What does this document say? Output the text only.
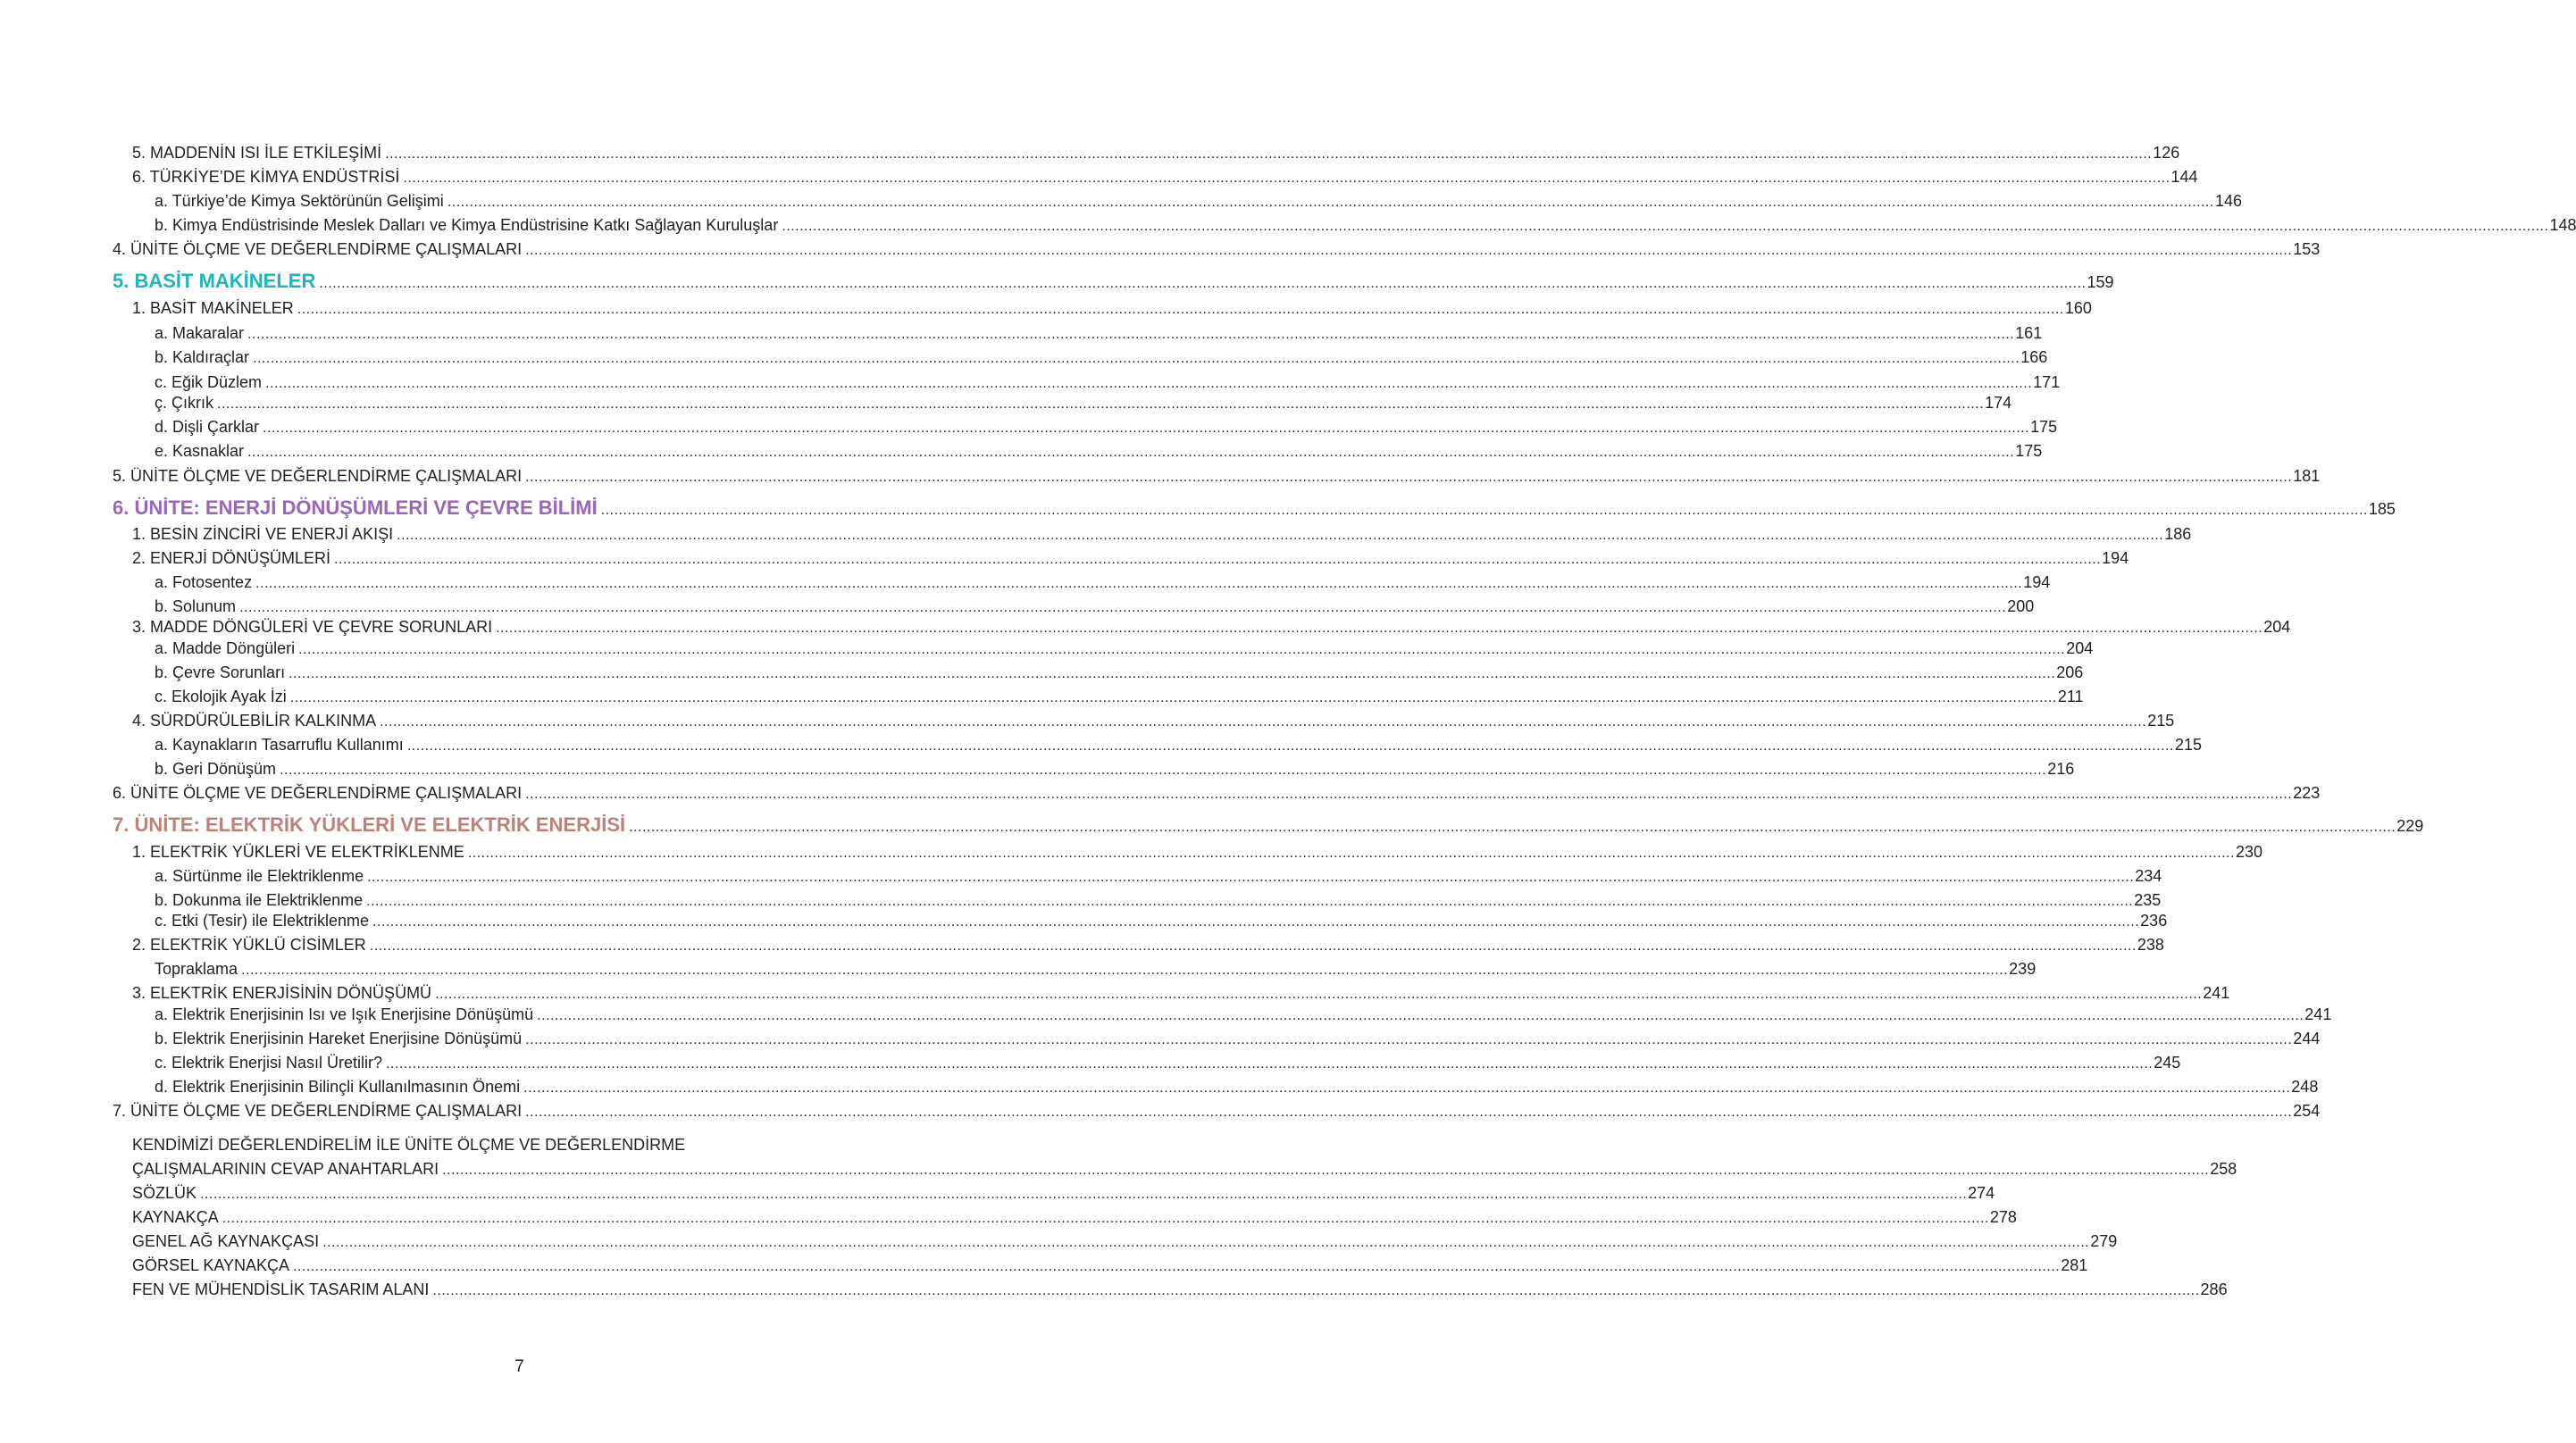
5. MADDENİN ISI İLE ETKİLEŞİMİ ................................................................................................................................................................................................................................................................................................................................................................................................................ 126
6. TÜRKİYE’DE KİMYA ENDÜSTRİSİ ................................................................................................................................................................................................................................................................................................................................................................................................................ 144
a. Türkiye’de Kimya Sektörünün Gelişimi ................................................................................................................................................................................................................................................................................................................................................................................................................ 146
b. Kimya Endüstrisinde Meslek Dalları ve Kimya Endüstrisine Katkı Sağlayan Kuruluşlar ................................................................................................................................................................................................................................................................................................................................................................................................................ 148
4. ÜNİTE ÖLÇME VE DEĞERLENDİRME ÇALIŞMALARI ................................................................................................................................................................................................................................................................................................................................................................................................................ 153
5. BASİT MAKİNELER ................................................................................................................................................................................................................................................................................................................................................................................................................ 159
1. BASİT MAKİNELER ................................................................................................................................................................................................................................................................................................................................................................................................................ 160
a. Makaralar ................................................................................................................................................................................................................................................................................................................................................................................................................ 161
b. Kaldıraçlar ................................................................................................................................................................................................................................................................................................................................................................................................................ 166
c. Eğik Düzlem ................................................................................................................................................................................................................................................................................................................................................................................................................ 171
ç. Çıkrık ................................................................................................................................................................................................................................................................................................................................................................................................................ 174
d. Dişli Çarklar ................................................................................................................................................................................................................................................................................................................................................................................................................ 175
e. Kasnaklar ................................................................................................................................................................................................................................................................................................................................................................................................................ 175
5. ÜNİTE ÖLÇME VE DEĞERLENDİRME ÇALIŞMALARI ................................................................................................................................................................................................................................................................................................................................................................................................................ 181
6. ÜNİTE: ENERJİ DÖNÜŞÜMLERİ VE ÇEVRE BİLİMİ ................................................................................................................................................................................................................................................................................................................................................................................................................ 185
1. BESİN ZİNCİRİ VE ENERJİ AKIŞI ................................................................................................................................................................................................................................................................................................................................................................................................................ 186
2. ENERJİ DÖNÜŞÜMLERİ ................................................................................................................................................................................................................................................................................................................................................................................................................ 194
a. Fotosentez ................................................................................................................................................................................................................................................................................................................................................................................................................ 194
b. Solunum ................................................................................................................................................................................................................................................................................................................................................................................................................ 200
3. MADDE DÖNGÜLERİ VE ÇEVRE SORUNLARI ................................................................................................................................................................................................................................................................................................................................................................................................................ 204
a. Madde Döngüleri ................................................................................................................................................................................................................................................................................................................................................................................................................ 204
b. Çevre Sorunları ................................................................................................................................................................................................................................................................................................................................................................................................................ 206
c. Ekolojik Ayak İzi ................................................................................................................................................................................................................................................................................................................................................................................................................ 211
4. SÜRDÜRÜLEBİLİR KALKINMA ................................................................................................................................................................................................................................................................................................................................................................................................................ 215
a. Kaynakların Tasarruflu Kullanımı ................................................................................................................................................................................................................................................................................................................................................................................................................ 215
b. Geri Dönüşüm ................................................................................................................................................................................................................................................................................................................................................................................................................ 216
6. ÜNİTE ÖLÇME VE DEĞERLENDİRME ÇALIŞMALARI ................................................................................................................................................................................................................................................................................................................................................................................................................ 223
7. ÜNİTE: ELEKTRİK YÜKLERİ VE ELEKTRİK ENERJİSİ ................................................................................................................................................................................................................................................................................................................................................................................................................ 229
1. ELEKTRİK YÜKLERİ VE ELEKTRİKLENME ................................................................................................................................................................................................................................................................................................................................................................................................................ 230
a. Sürtünme ile Elektriklenme ................................................................................................................................................................................................................................................................................................................................................................................................................ 234
b. Dokunma ile Elektriklenme ................................................................................................................................................................................................................................................................................................................................................................................................................ 235
c. Etki (Tesir) ile Elektriklenme ................................................................................................................................................................................................................................................................................................................................................................................................................ 236
2. ELEKTRİK YÜKLÜ CİSİMLER ................................................................................................................................................................................................................................................................................................................................................................................................................ 238
Topraklama ................................................................................................................................................................................................................................................................................................................................................................................................................ 239
3. ELEKTRİK ENERJİSİNİN DÖNÜŞÜMÜ ................................................................................................................................................................................................................................................................................................................................................................................................................ 241
a. Elektrik Enerjisinin Isı ve Işık Enerjisine Dönüşümü ................................................................................................................................................................................................................................................................................................................................................................................................................ 241
b. Elektrik Enerjisinin Hareket Enerjisine Dönüşümü ................................................................................................................................................................................................................................................................................................................................................................................................................ 244
c. Elektrik Enerjisi Nasıl Üretilir? ................................................................................................................................................................................................................................................................................................................................................................................................................ 245
d. Elektrik Enerjisinin Bilinçli Kullanılmasının Önemi ................................................................................................................................................................................................................................................................................................................................................................................................................ 248
7. ÜNİTE ÖLÇME VE DEĞERLENDİRME ÇALIŞMALARI ................................................................................................................................................................................................................................................................................................................................................................................................................ 254
KENDİMİZİ DEĞERLENDİRELİM İLE ÜNİTE ÖLÇME VE DEĞERLENDİRME
ÇALIŞMALARININ CEVAP ANAHTARLARI ................................................................................................................................................................................................................................................................................................................................................................................................................ 258
SÖZLÜK ................................................................................................................................................................................................................................................................................................................................................................................................................ 274
KAYNAKÇA ................................................................................................................................................................................................................................................................................................................................................................................................................ 278
GENEL AĞ KAYNAKÇASI ................................................................................................................................................................................................................................................................................................................................................................................................................ 279
GÖRSEL KAYNAKÇA ................................................................................................................................................................................................................................................................................................................................................................................................................ 281
FEN VE MÜHENDİSLİK TASARIM ALANI ................................................................................................................................................................................................................................................................................................................................................................................................................ 286
7
